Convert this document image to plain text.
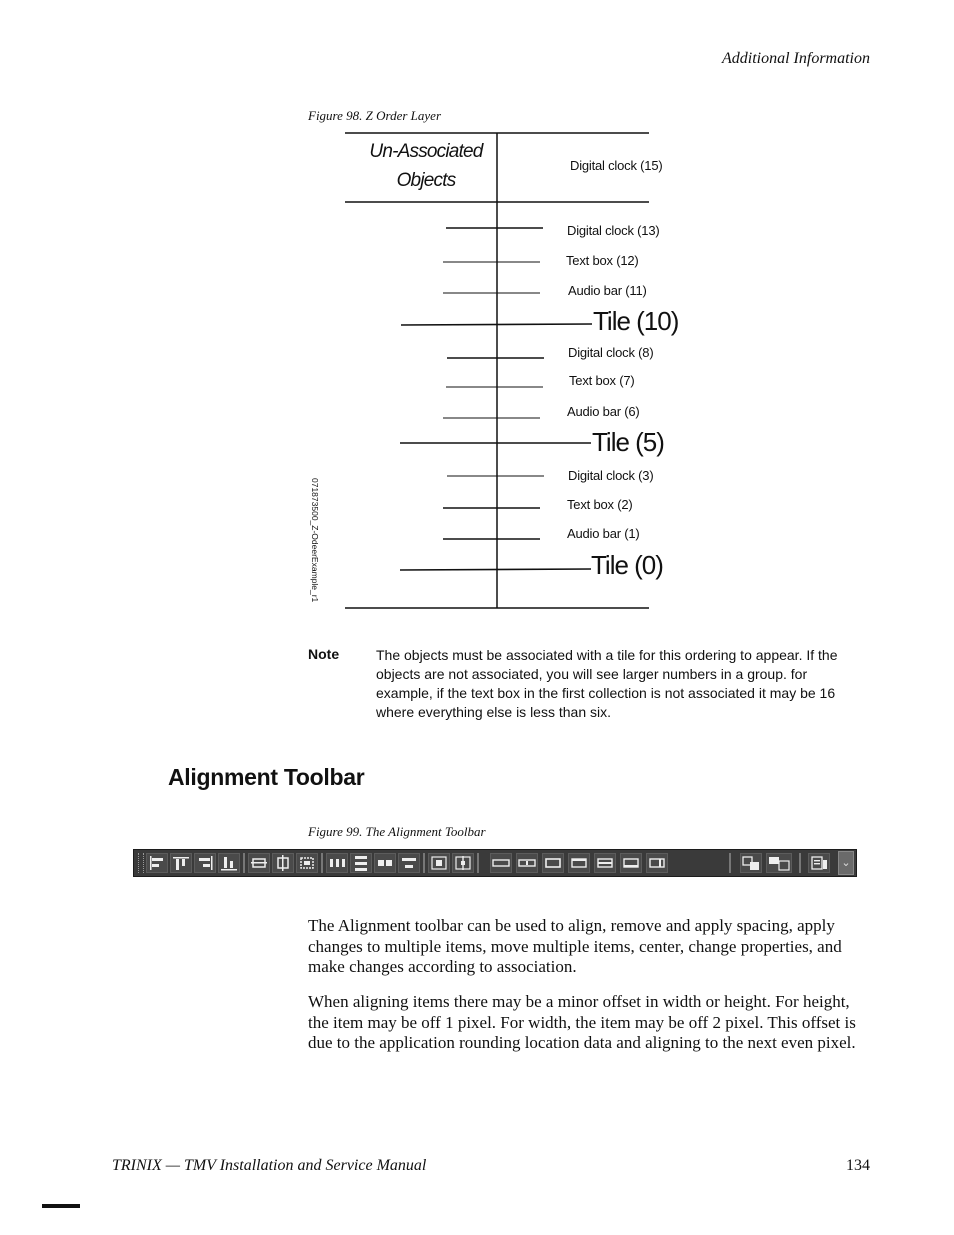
Additional Information
Figure 98. Z Order Layer
Un-Associated
Objects
Digital clock (15)
Digital clock (13)
Text box (12)
Audio bar (11)
Tile (10)
Digital clock (8)
Text box (7)
Audio bar (6)
Tile (5)
Digital clock (3)
Text box (2)
Audio bar (1)
Tile (0)
071873500_Z-OdeerExample_r1
Note	The objects must be associated with a tile for this ordering to appear. If the objects are not associated, you will see larger numbers in a group. for example, if the text box in the first collection is not associated it may be 16 where everything else is less than six.
Alignment Toolbar
Figure 99. The Alignment Toolbar
⌄
The Alignment toolbar can be used to align, remove and apply spacing, apply changes to multiple items, move multiple items, center, change properties, and make changes according to association.
When aligning items there may be a minor offset in width or height. For height, the item may be off 1 pixel. For width, the item may be off 2 pixel. This offset is due to the application rounding location data and aligning to the next even pixel.
TRINIX — TMV Installation and Service Manual	134
